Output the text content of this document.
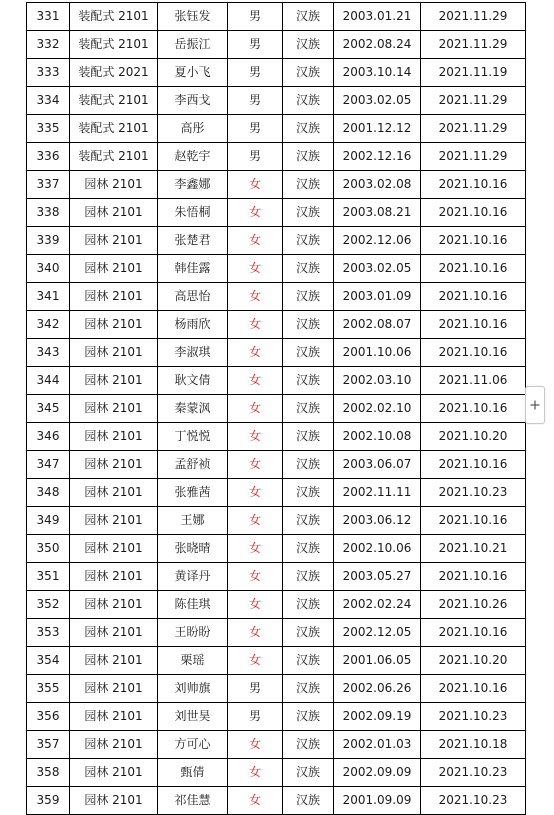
331	装配式 2101	张钰发	男	汉族	2003.01.21	2021.11.29
332	装配式 2101	岳振江	男	汉族	2002.08.24	2021.11.29
333	装配式 2021	夏小飞	男	汉族	2003.10.14	2021.11.19
334	装配式 2101	李西戈	男	汉族	2003.02.05	2021.11.29
335	装配式 2101	高彤	男	汉族	2001.12.12	2021.11.29
336	装配式 2101	赵乾宇	男	汉族	2002.12.16	2021.11.29
337	园林 2101	李鑫娜	女	汉族	2003.02.08	2021.10.16
338	园林 2101	朱悟桐	女	汉族	2003.08.21	2021.10.16
339	园林 2101	张楚君	女	汉族	2002.12.06	2021.10.16
340	园林 2101	韩佳露	女	汉族	2003.02.05	2021.10.16
341	园林 2101	高思怡	女	汉族	2003.01.09	2021.10.16
342	园林 2101	杨雨欣	女	汉族	2002.08.07	2021.10.16
343	园林 2101	李淑琪	女	汉族	2001.10.06	2021.10.16
344	园林 2101	耿文倩	女	汉族	2002.03.10	2021.11.06
345	园林 2101	秦蒙沨	女	汉族	2002.02.10	2021.10.16
346	园林 2101	丁悦悦	女	汉族	2002.10.08	2021.10.20
347	园林 2101	孟舒祯	女	汉族	2003.06.07	2021.10.16
348	园林 2101	张雅茜	女	汉族	2002.11.11	2021.10.23
349	园林 2101	王娜	女	汉族	2003.06.12	2021.10.16
350	园林 2101	张晓晴	女	汉族	2002.10.06	2021.10.21
351	园林 2101	黄译丹	女	汉族	2003.05.27	2021.10.16
352	园林 2101	陈佳琪	女	汉族	2002.02.24	2021.10.26
353	园林 2101	王盼盼	女	汉族	2002.12.05	2021.10.16
354	园林 2101	栗瑶	女	汉族	2001.06.05	2021.10.20
355	园林 2101	刘帅旗	男	汉族	2002.06.26	2021.10.16
356	园林 2101	刘世昊	男	汉族	2002.09.19	2021.10.23
357	园林 2101	方可心	女	汉族	2002.01.03	2021.10.18
358	园林 2101	甄倩	女	汉族	2002.09.09	2021.10.23
359	园林 2101	祁佳慧	女	汉族	2001.09.09	2021.10.23
